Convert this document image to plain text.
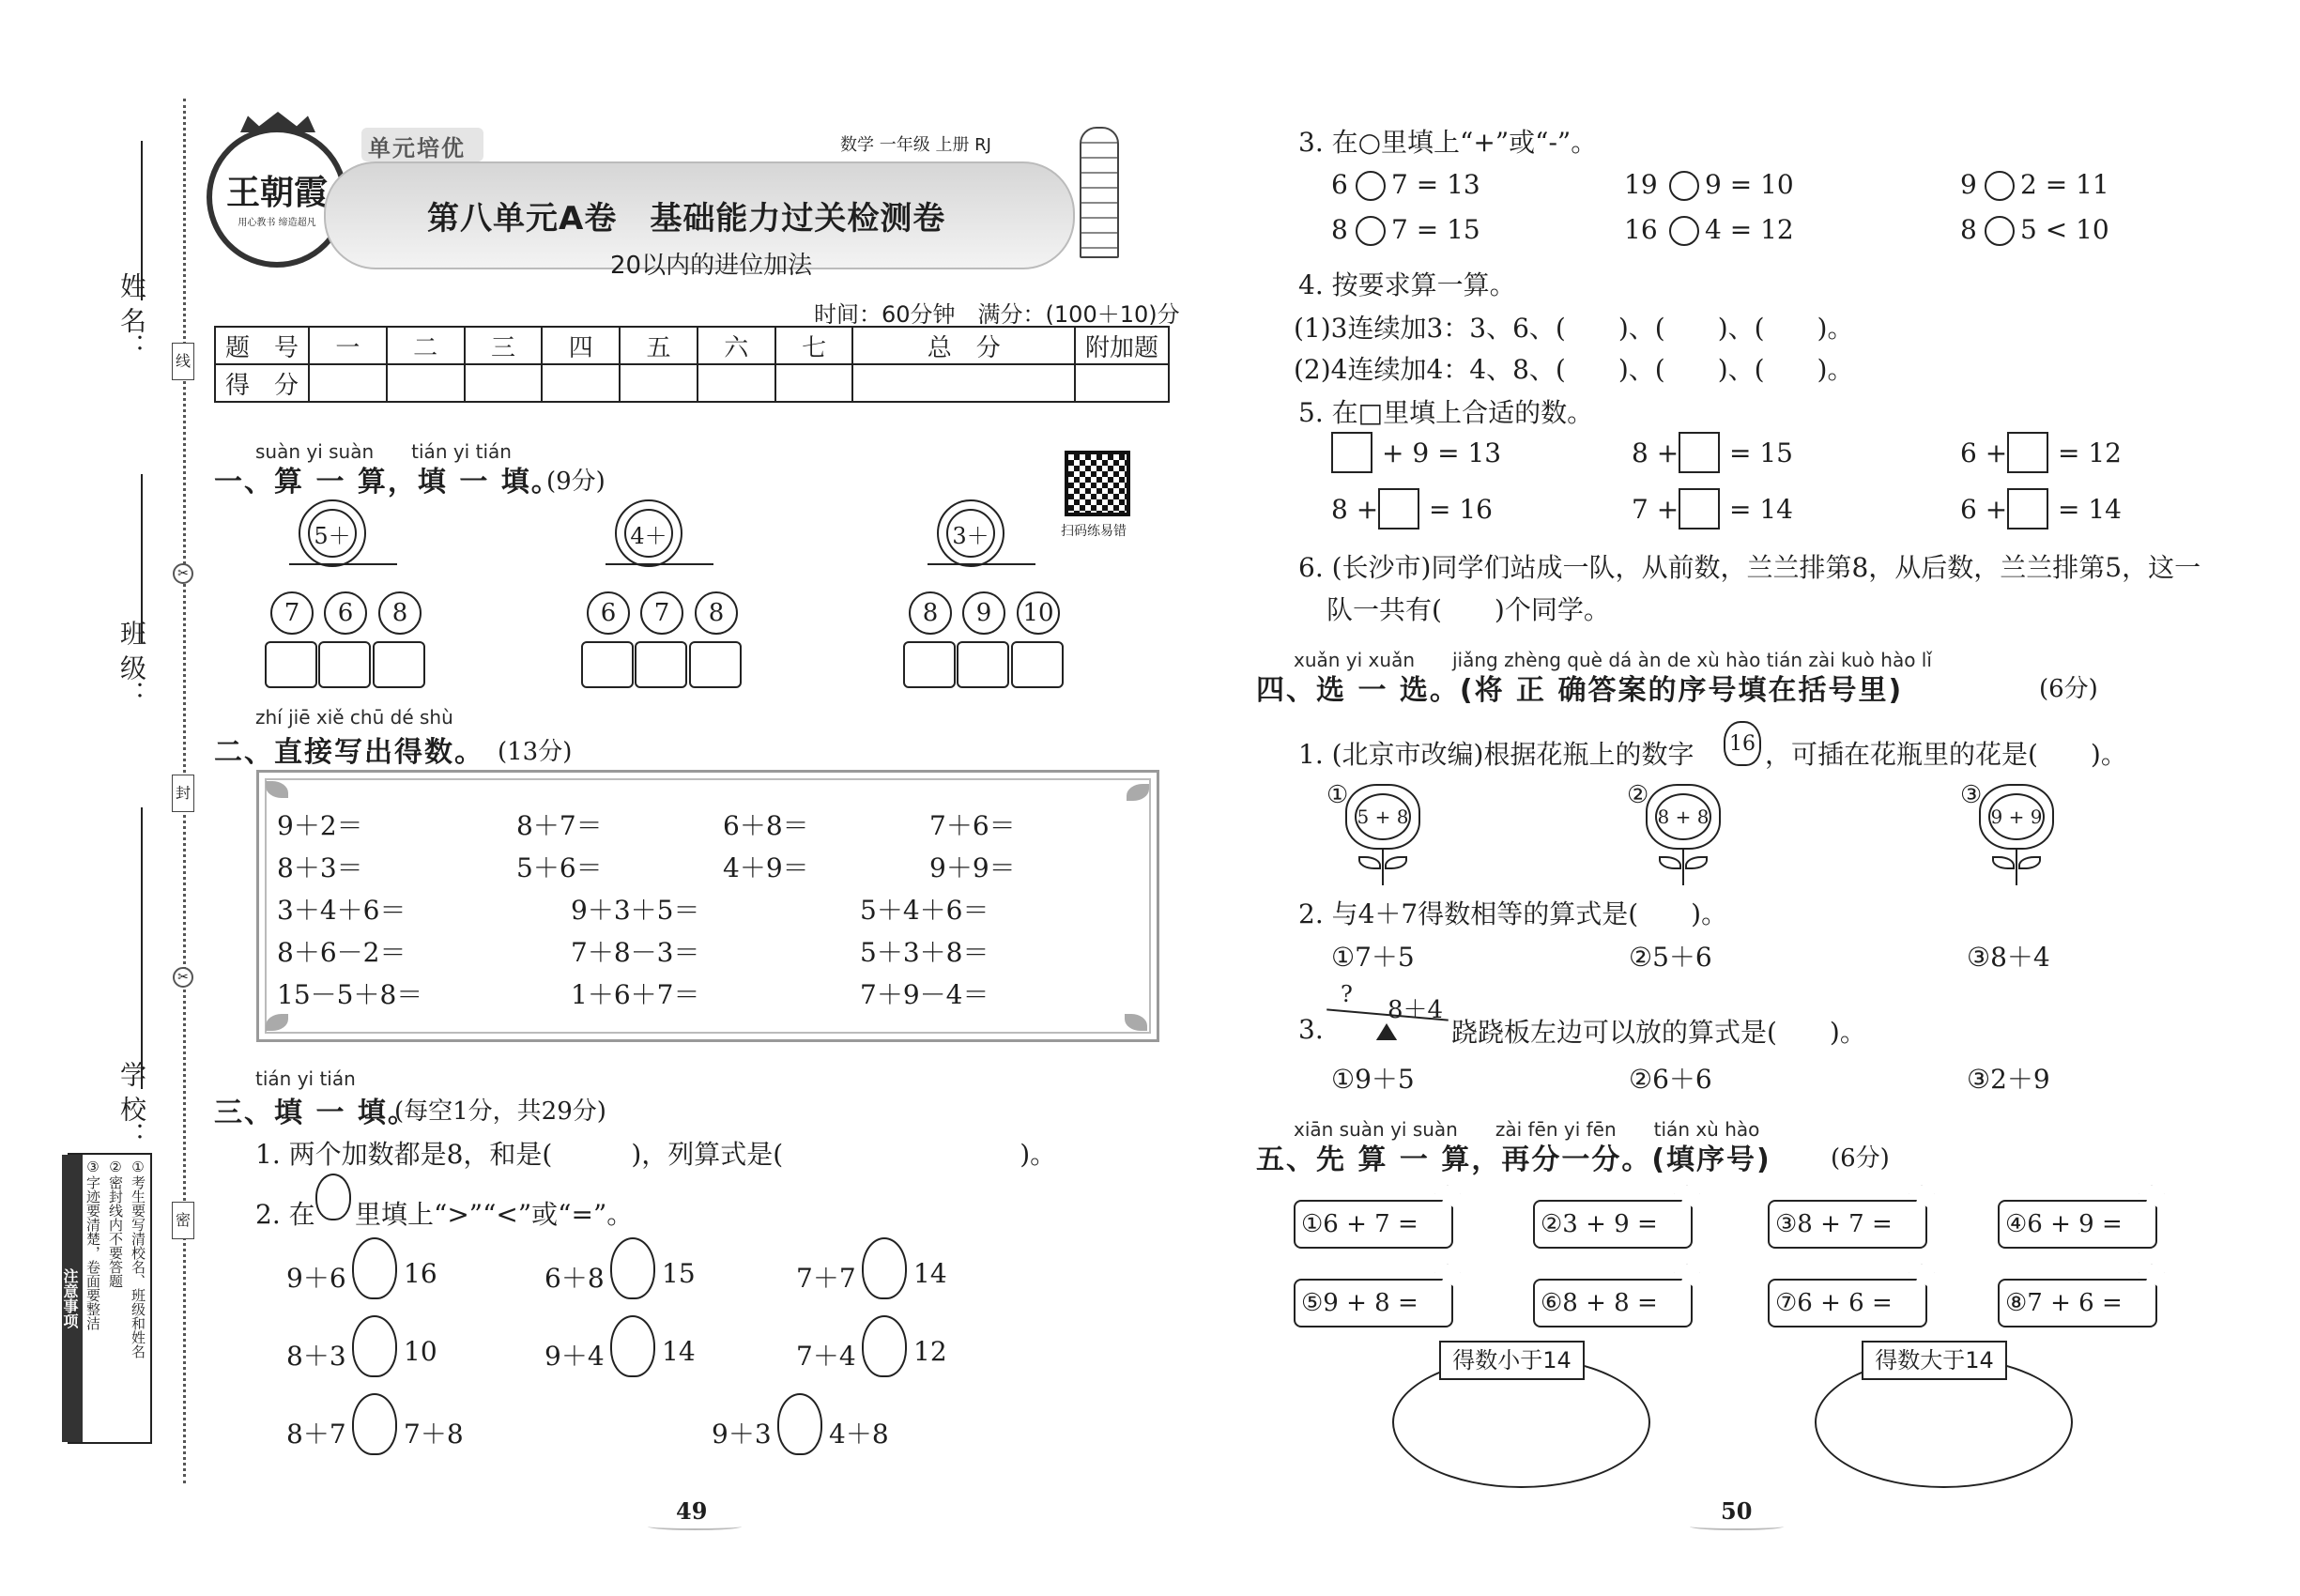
姓 名：
班 级：
学 校：
线
✂
封
✂
密
①考生要写清校名、班级和姓名
②密封线内不要答题
③字迹要清楚，卷面要整洁
注意事项
王朝霞
用心教书 缔造超凡
单元培优	数学 一年级 上册 RJ
第八单元A卷　基础能力过关检测卷
20以内的进位加法
时间：60分钟　满分：(100＋10)分
题　号	一	二	三	四	五	六	七	总　分	附加题
得　分									
扫码练易错
suàn yi suàn　　tián yi tián
一、算 一 算，填 一 填。
(9分)
5＋
7	6	8
4＋
6	7	8
3＋
8	9	10
zhí jiē xiě chū dé shù
二、直接写出得数。 (13分)
9＋2＝	8＋7＝	6＋8＝	7＋6＝
8＋3＝	5＋6＝	4＋9＝	9＋9＝
3＋4＋6＝	9＋3＋5＝	5＋4＋6＝
8＋6－2＝	7＋8－3＝	5＋3＋8＝
15－5＋8＝	1＋6＋7＝	7＋9－4＝
tián yi tián
三、填 一 填。
(每空1分，共29分)
1. 两个加数都是8，和是(　　　)，列算式是(　　　　　　　　　)。
2. 在 里填上“>”“<”或“=”。
9＋6 16	6＋8 15	7＋7 14
8＋3 10	9＋4 14	7＋4 12
8＋7 7＋8	9＋3 4＋8
3. 在○里填上“+”或“-”。
6 7 = 13	19 9 = 10	9 2 = 11
8 7 = 15	16 4 = 12	8 5 < 10
4. 按要求算一算。
(1)3连续加3：3、6、(　　)、(　　)、(　　)。
(2)4连续加4：4、8、(　　)、(　　)、(　　)。
5. 在□里填上合适的数。
+ 9 = 13	8 + = 15	6 + = 12
8 + = 16	7 + = 14	6 + = 14
6. (长沙市)同学们站成一队，从前数，兰兰排第8，从后数，兰兰排第5，这一
队一共有(　　)个同学。
xuǎn yi xuǎn　　jiǎng zhèng què dá àn de xù hào tián zài kuò hào lǐ
四、选 一 选。(将 正 确答案的序号填在括号里)	(6分)
1. (北京市改编)根据花瓶上的数字 16 ，可插在花瓶里的花是(　　)。
①
5 + 8
②
8 + 8
③
9 + 9
2. 与4＋7得数相等的算式是(　　)。
①7＋5	②5＋6	③8＋4
3.
?
8＋4
跷跷板左边可以放的算式是(　　)。
①9＋5	②6＋6	③2＋9
xiān suàn yi suàn　　zài fēn yi fēn　　tián xù hào
五、先 算 一 算，再分一分。(填序号) (6分)
①6 + 7 =	②3 + 9 =	③8 + 7 =	④6 + 9 =
⑤9 + 8 =	⑥8 + 8 =	⑦6 + 6 =	⑧7 + 6 =
得数小于14	得数大于14
49	50
